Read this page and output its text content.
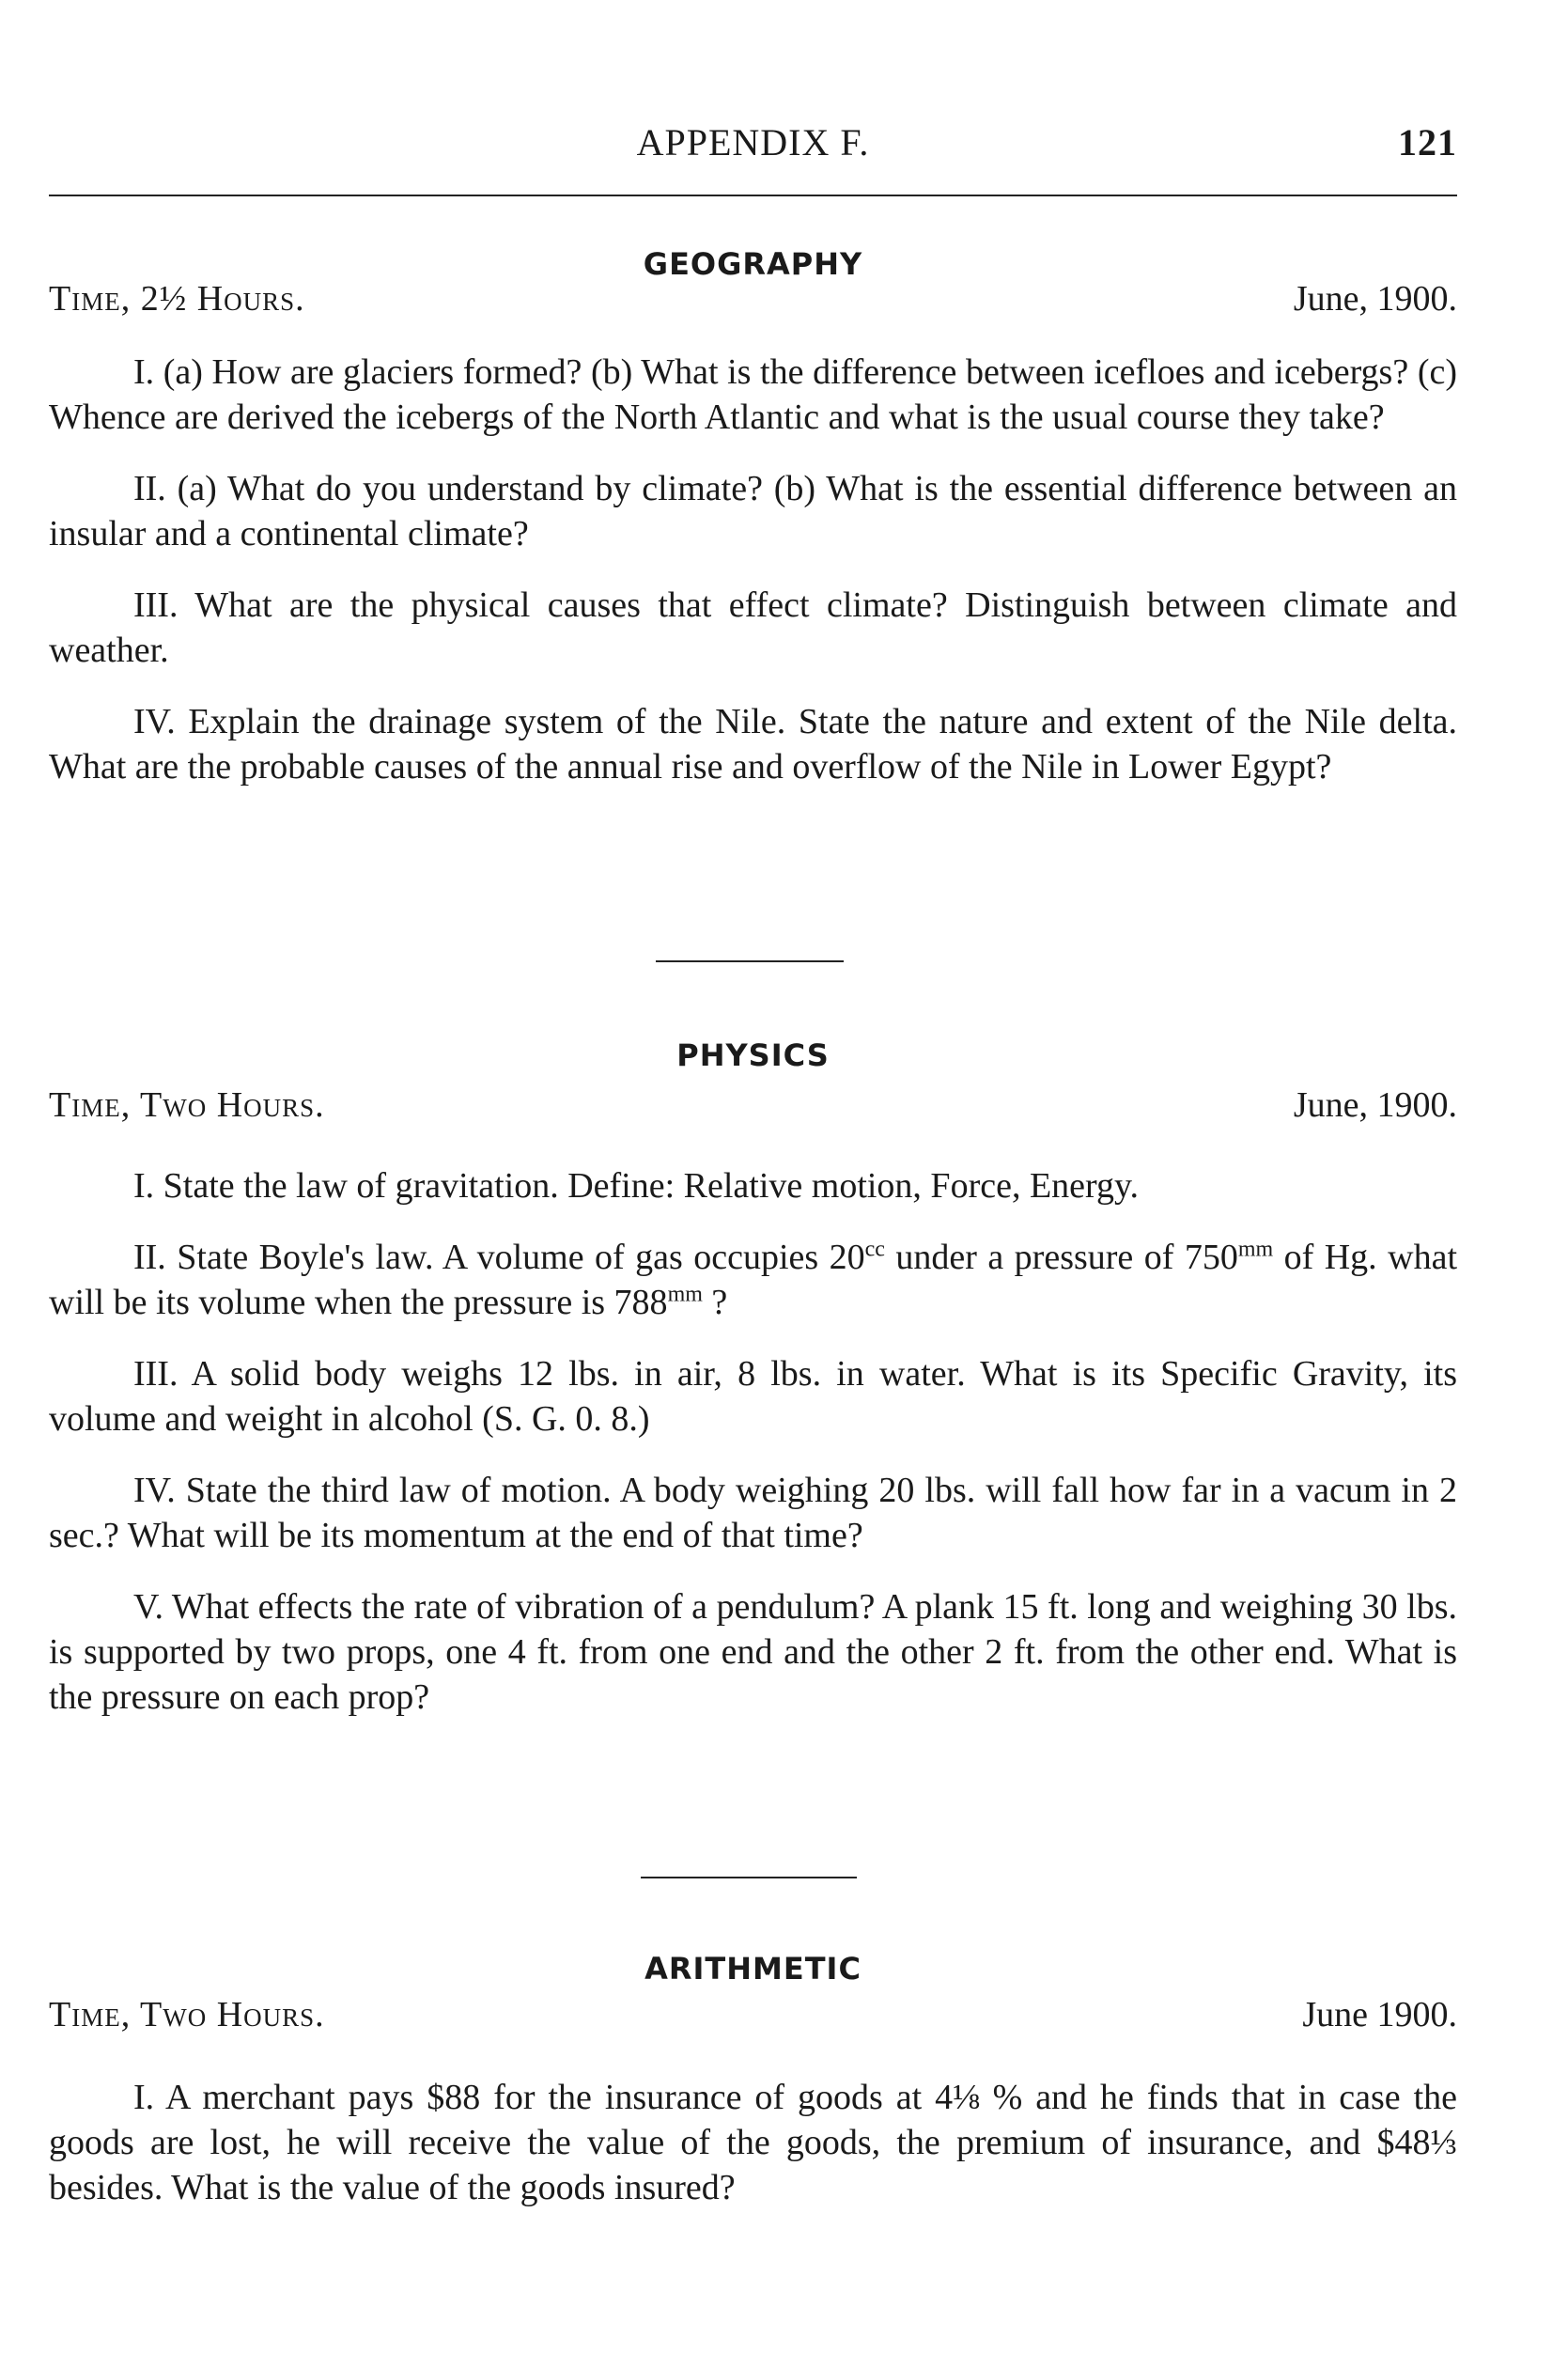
APPENDIX F.	121
GEOGRAPHY
Time, 2½ Hours.	June, 1900.

I. (a) How are glaciers formed? (b) What is the difference between icefloes and icebergs? (c) Whence are derived the icebergs of the North Atlantic and what is the usual course they take?

II. (a) What do you understand by climate? (b) What is the essential difference between an insular and a continental climate?

III. What are the physical causes that effect climate? Distinguish between climate and weather.

IV. Explain the drainage system of the Nile. State the nature and extent of the Nile delta. What are the probable causes of the annual rise and overflow of the Nile in Lower Egypt?

PHYSICS
Time, Two Hours.	June, 1900.

I. State the law of gravitation. Define: Relative motion, Force, Energy.

II. State Boyle's law. A volume of gas occupies $20^{cc}$ under a pressure of $750^{mm}$ of Hg. what will be its volume when the pressure is $788^{mm}$ ?

III. A solid body weighs 12 lbs. in air, 8 lbs. in water. What is its Specific Gravity, its volume and weight in alcohol (S. G. 0. 8.)

IV. State the third law of motion. A body weighing 20 lbs. will fall how far in a vacum in 2 sec.? What will be its momentum at the end of that time?

V. What effects the rate of vibration of a pendulum? A plank 15 ft. long and weighing 30 lbs. is supported by two props, one 4 ft. from one end and the other 2 ft. from the other end. What is the pressure on each prop?

ARITHMETIC
Time, Two Hours.	June 1900.

I. A merchant pays $88 for the insurance of goods at 4⅛ % and he finds that in case the goods are lost, he will receive the value of the goods, the premium of insurance, and $48⅓ besides. What is the value of the goods insured?
